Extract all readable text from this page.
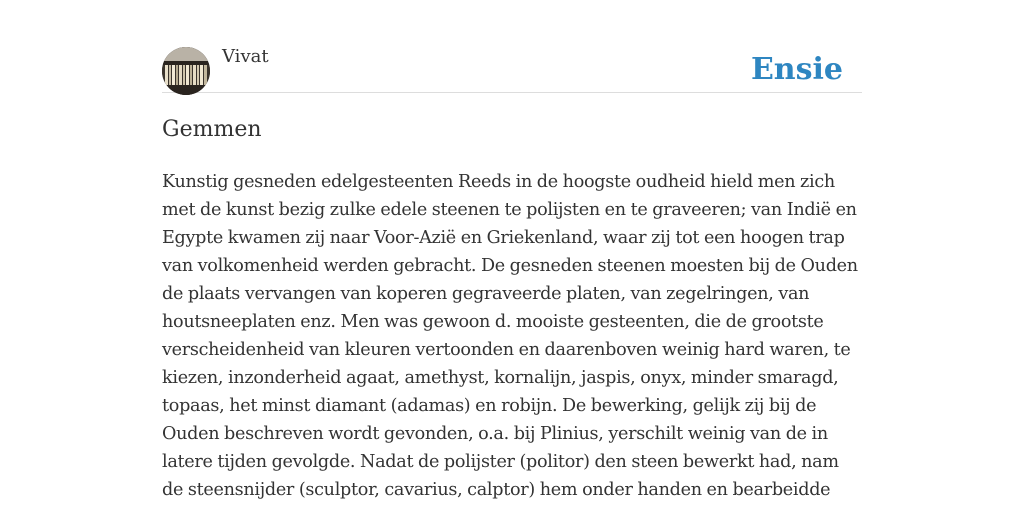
Vivat	Ensie
Gemmen

Kunstig gesneden edelgesteenten Reeds in de hoogste oudheid hield men zich met de kunst bezig zulke edele steenen te polijsten en te graveeren; van Indië en Egypte kwamen zij naar Voor-Azië en Griekenland, waar zij tot een hoogen trap van volkomenheid werden gebracht. De gesneden steenen moesten bij de Ouden de plaats vervangen van koperen gegraveerde platen, van zegelringen, van houtsneeplaten enz. Men was gewoon d. mooiste gesteenten, die de grootste verscheidenheid van kleuren vertoonden en daarenboven weinig hard waren, te kiezen, inzonderheid agaat, amethyst, kornalijn, jaspis, onyx, minder smaragd, topaas, het minst diamant (adamas) en robijn. De bewerking, gelijk zij bij de Ouden beschreven wordt gevonden, o.a. bij Plinius, yerschilt weinig van de in latere tijden gevolgde. Nadat de polijster (politor) den steen bewerkt had, nam de steensnijder (sculptor, cavarius, calptor) hem onder handen en bearbeidde
